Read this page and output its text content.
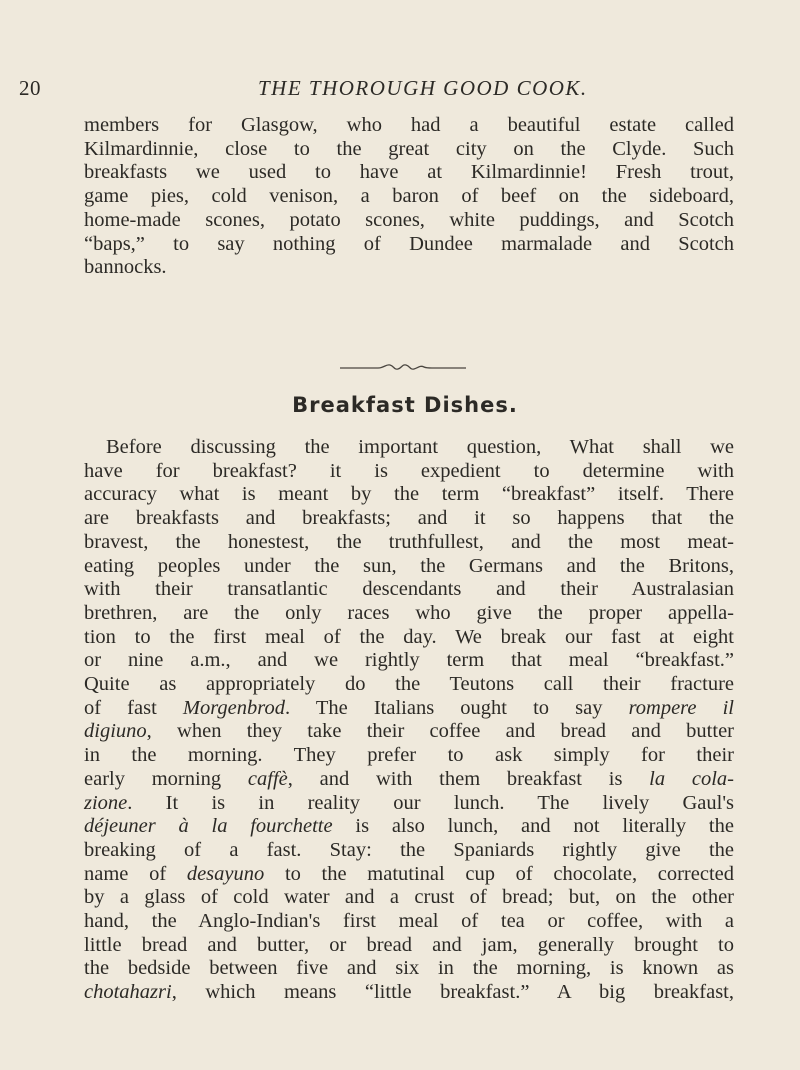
20	THE THOROUGH GOOD COOK.
members for Glasgow, who had a beautiful estate called
Kilmardinnie, close to the great city on the Clyde. Such
breakfasts we used to have at Kilmardinnie! Fresh trout,
game pies, cold venison, a baron of beef on the sideboard,
home-made scones, potato scones, white puddings, and Scotch
“baps,” to say nothing of Dundee marmalade and Scotch
bannocks.
Breakfast Dishes.
Before discussing the important question, What shall we
have for breakfast? it is expedient to determine with
accuracy what is meant by the term “breakfast” itself. There
are breakfasts and breakfasts; and it so happens that the
bravest, the honestest, the truthfullest, and the most meat-
eating peoples under the sun, the Germans and the Britons,
with their transatlantic descendants and their Australasian
brethren, are the only races who give the proper appella-
tion to the first meal of the day. We break our fast at eight
or nine a.m., and we rightly term that meal “breakfast.”
Quite as appropriately do the Teutons call their fracture
of fast Morgenbrod. The Italians ought to say rompere il
digiuno, when they take their coffee and bread and butter
in the morning. They prefer to ask simply for their
early morning caffè, and with them breakfast is la cola-
zione. It is in reality our lunch. The lively Gaul's
déjeuner à la fourchette is also lunch, and not literally the
breaking of a fast. Stay: the Spaniards rightly give the
name of desayuno to the matutinal cup of chocolate, corrected
by a glass of cold water and a crust of bread; but, on the other
hand, the Anglo-Indian's first meal of tea or coffee, with a
little bread and butter, or bread and jam, generally brought to
the bedside between five and six in the morning, is known as
chotahazri, which means “little breakfast.” A big breakfast,
